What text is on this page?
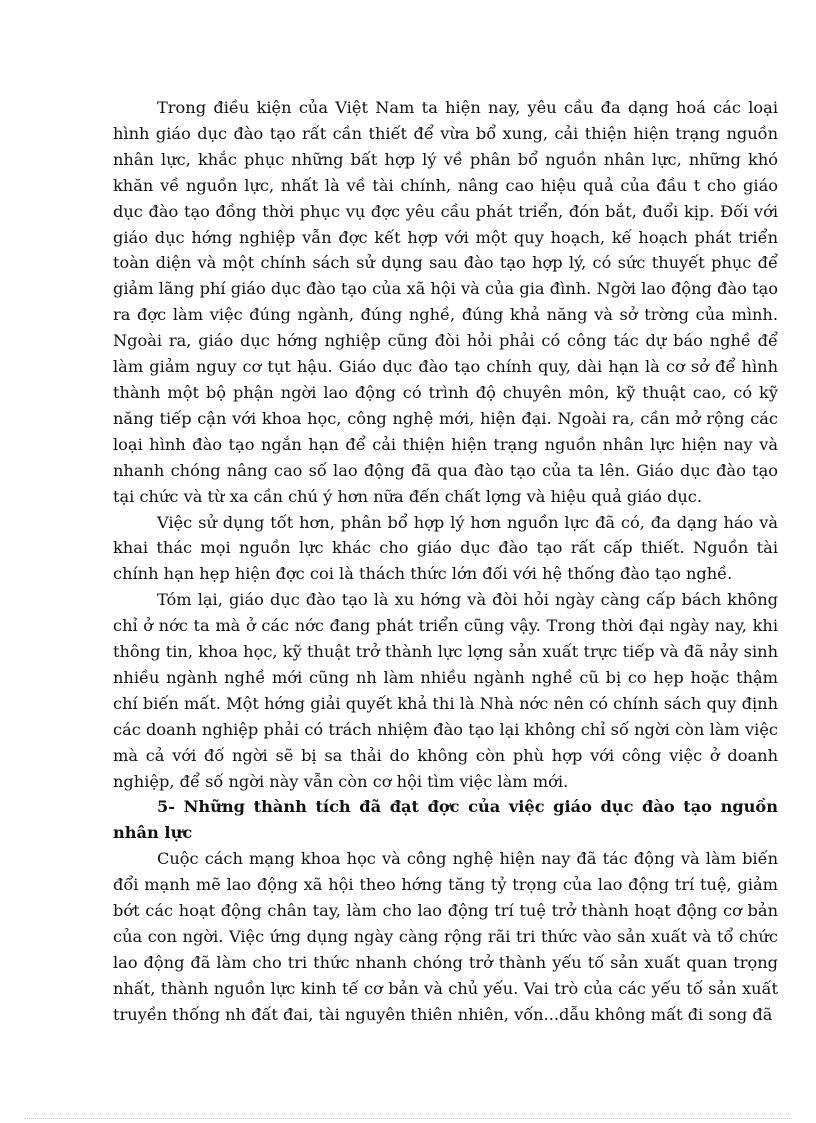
Trong điều kiện của Việt Nam ta hiện nay, yêu cầu đa dạng hoá các loại hình giáo dục đào tạo rất cần thiết để vừa bổ xung, cải thiện hiện trạng nguồn nhân lực, khắc phục những bất hợp lý về phân bổ nguồn nhân lực, những khó khăn về nguồn lực, nhất là về tài chính, nâng cao hiệu quả của đầu t cho giáo dục đào tạo đồng thời phục vụ đợc yêu cầu phát triển, đón bắt, đuổi kịp. Đối với giáo dục hớng nghiệp vẫn đợc kết hợp với một quy hoạch, kế hoạch phát triển toàn diện và một chính sách sử dụng sau đào tạo hợp lý, có sức thuyết phục để giảm lãng phí giáo dục đào tạo của xã hội và của gia đình. Ngời lao động đào tạo ra đợc làm việc đúng ngành, đúng nghề, đúng khả năng và sở trờng của mình. Ngoài ra, giáo dục hớng nghiệp cũng đòi hỏi phải có công tác dự báo nghề để làm giảm nguy cơ tụt hậu. Giáo dục đào tạo chính quy, dài hạn là cơ sở để hình thành một bộ phận ngời lao động có trình độ chuyên môn, kỹ thuật cao, có kỹ năng tiếp cận với khoa học, công nghệ mới, hiện đại. Ngoài ra, cần mở rộng các loại hình đào tạo ngắn hạn để cải thiện hiện trạng nguồn nhân lực hiện nay và nhanh chóng nâng cao số lao động đã qua đào tạo của ta lên. Giáo dục đào tạo tại chức và từ xa cần chú ý hơn nữa đến chất lợng và hiệu quả giáo dục.

Việc sử dụng tốt hơn, phân bổ hợp lý hơn nguồn lực đã có, đa dạng háo và khai thác mọi nguồn lực khác cho giáo dục đào tạo rất cấp thiết. Nguồn tài chính hạn hẹp hiện đợc coi là thách thức lớn đối với hệ thống đào tạo nghề.

Tóm lại, giáo dục đào tạo là xu hớng và đòi hỏi ngày càng cấp bách không chỉ ở nớc ta mà ở các nớc đang phát triển cũng vậy. Trong thời đại ngày nay, khi thông tin, khoa học, kỹ thuật trở thành lực lợng sản xuất trực tiếp và đã nảy sinh nhiều ngành nghề mới cũng nh làm nhiều ngành nghề cũ bị co hẹp hoặc thậm chí biến mất. Một hớng giải quyết khả thi là Nhà nớc nên có chính sách quy định các doanh nghiệp phải có trách nhiệm đào tạo lại không chỉ số ngời còn làm việc mà cả với đố ngời sẽ bị sa thải do không còn phù hợp với công việc ở doanh nghiệp, để số ngời này vẫn còn cơ hội tìm việc làm mới.

5- Những thành tích đã đạt đợc của việc giáo dục đào tạo nguồn nhân lực

Cuộc cách mạng khoa học và công nghệ hiện nay đã tác động và làm biến đổi mạnh mẽ lao động xã hội theo hớng tăng tỷ trọng của lao động trí tuệ, giảm bớt các hoạt động chân tay, làm cho lao động trí tuệ trở thành hoạt động cơ bản của con ngời. Việc ứng dụng ngày càng rộng rãi tri thức vào sản xuất và tổ chức lao động đã làm cho tri thức nhanh chóng trở thành yếu tố sản xuất quan trọng nhất, thành nguồn lực kinh tế cơ bản và chủ yếu. Vai trò của các yếu tố sản xuất truyền thống nh đất đai, tài nguyên thiên nhiên, vốn...dẫu không mất đi song đã
